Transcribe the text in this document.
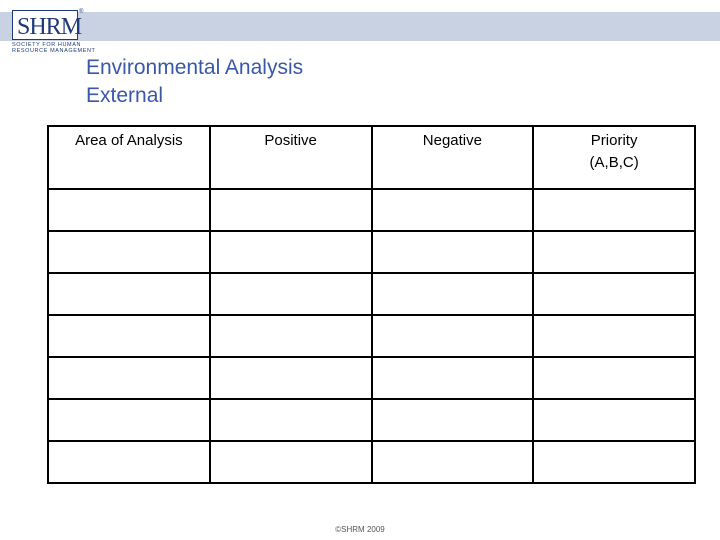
SHRM
®
SOCIETY FOR HUMAN
RESOURCE MANAGEMENT
Environmental Analysis
External
Area of Analysis	Positive	Negative	Priority (A,B,C)

©SHRM 2009
